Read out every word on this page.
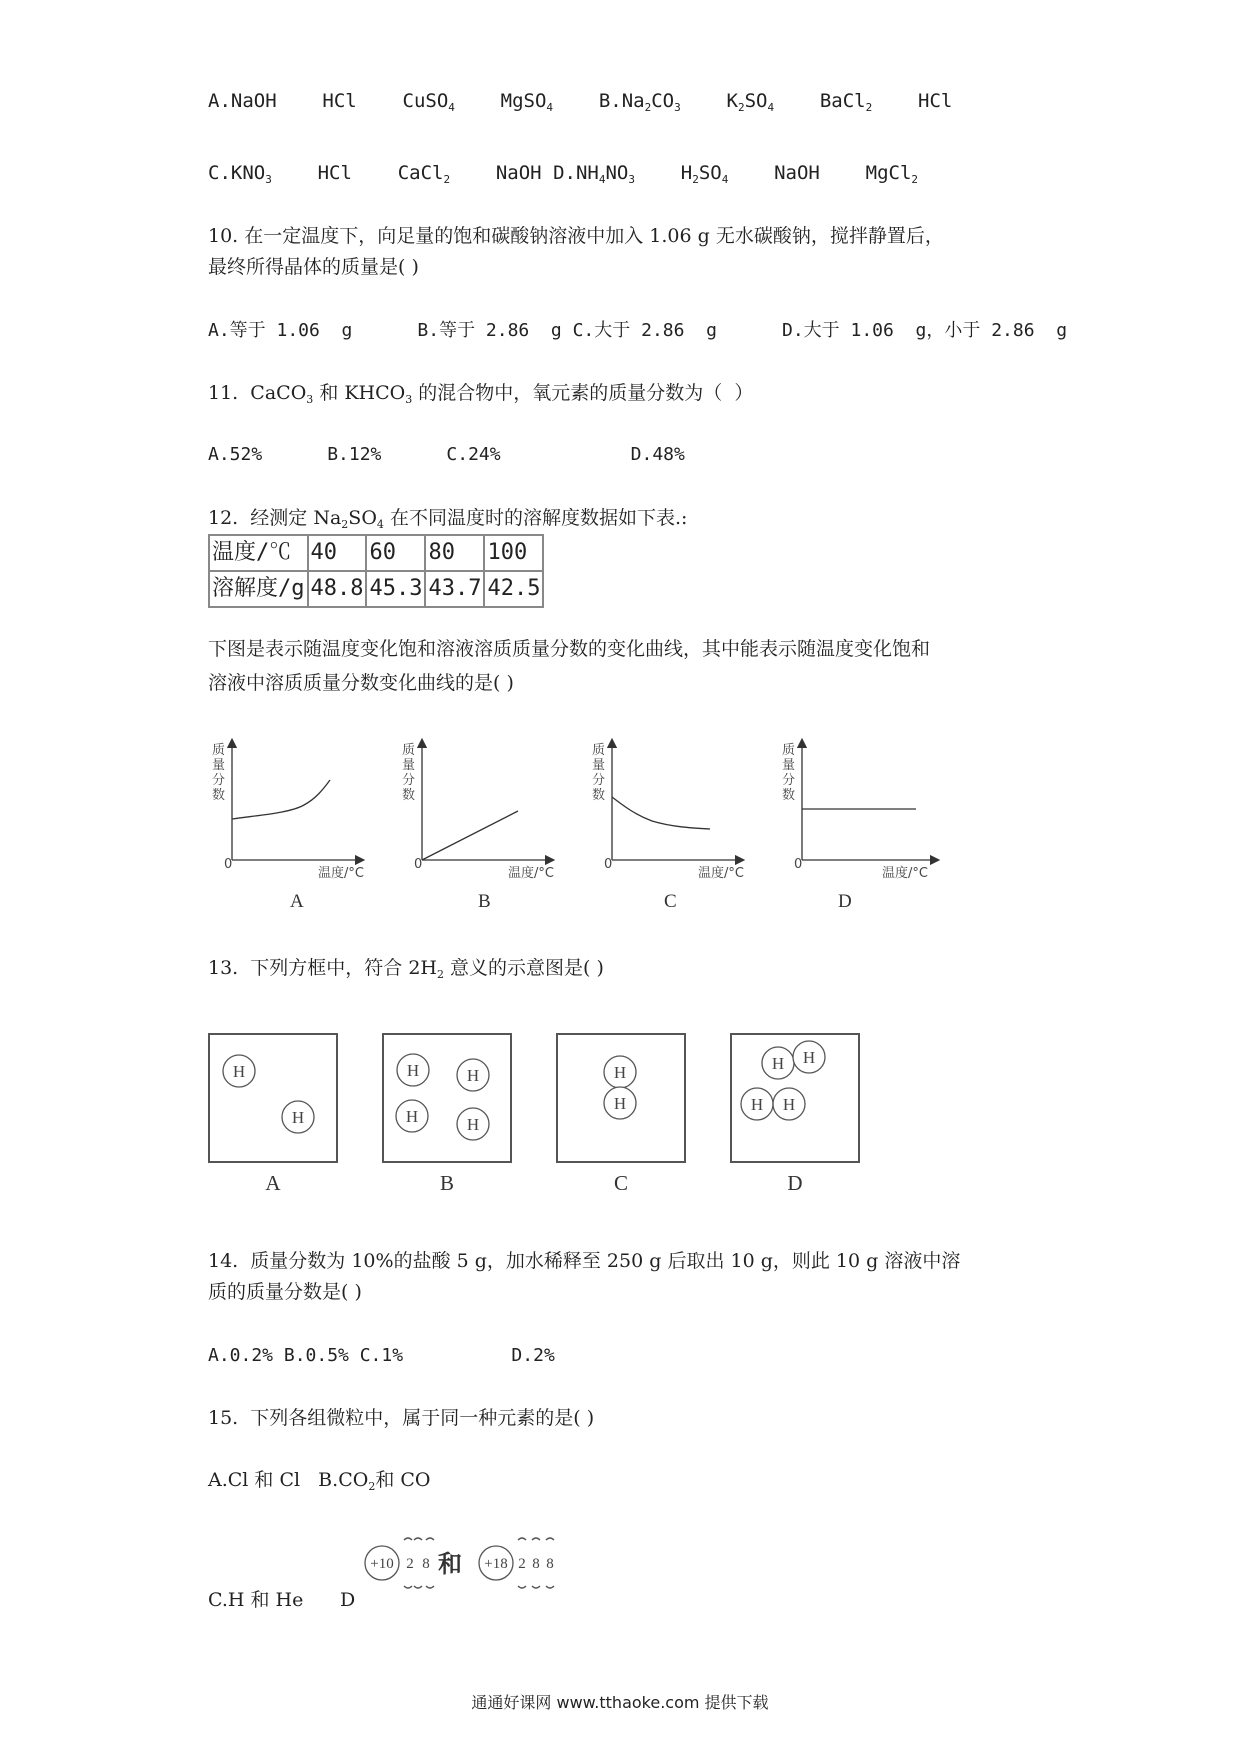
A.NaOH HCl CuSO$_4$ MgSO$_4$ $B.Na_2CO_3$ $K_2SO_4$ BaCl$_2$ HCl
$C.KNO_3$ HCl CaCl$_2$ NaOH $D.NH_4NO_3$ $H_2SO_4$ NaOH MgCl$_2$
10. 在一定温度下，向足量的饱和碳酸钠溶液中加入 1.06 g 无水碳酸钠，搅拌静置后，
最终所得晶体的质量是( )
A.等于 1.06  g      B.等于 2.86  g C.大于 2.86  g      D.大于 1.06  g，小于 2.86  g
11.  CaCO$_3$ 和 $KHCO_3$ 的混合物中，氧元素的质量分数为（  ）
A.52%      B.12%      C.24%            D.48%
12.  经测定 $Na_2SO_4$ 在不同温度时的溶解度数据如下表.:
温度/℃	40	60	80	100
溶解度/g	48.8	45.3	43.7	42.5
下图是表示随温度变化饱和溶液溶质质量分数的变化曲线，其中能表示随温度变化饱和
溶液中溶质质量分数变化曲线的是( )
质
量
分
数
0
温度/°C
A
质
量
分
数
0
温度/°C
B
质
量
分
数
0
温度/°C
C
质
量
分
数
0
温度/°C
D
13.  下列方框中，符合 $2H_2$ 意义的示意图是( )
H
H
H	H
H	H
H
H
H H
H H
A	B	C	D
14.  质量分数为 10%的盐酸 5 g，加水稀释至 250 g 后取出 10 g，则此 10 g 溶液中溶
质的质量分数是( )
A.0.2% B.0.5% C.1%          D.2%
15.  下列各组微粒中，属于同一种元素的是( )
A.Cl 和 Cl   $B.CO_2$和 CO
C.H 和 He D
+10	+18
2 8	2 8 8
和
通通好课网 www.tthaoke.com 提供下载
